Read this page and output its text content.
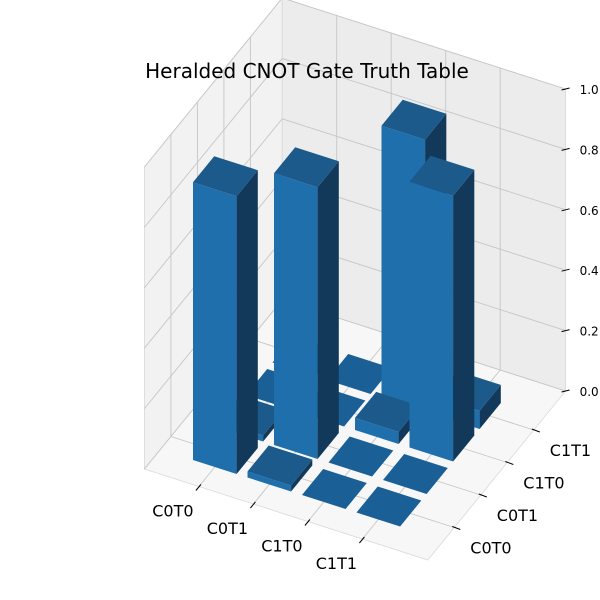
C0T0
C0T1
C1T0
C1T1
C0T0
C0T1
C1T0
C1T1
0.0
0.2
0.4
0.6
0.8
1.0
Heralded CNOT Gate Truth Table
